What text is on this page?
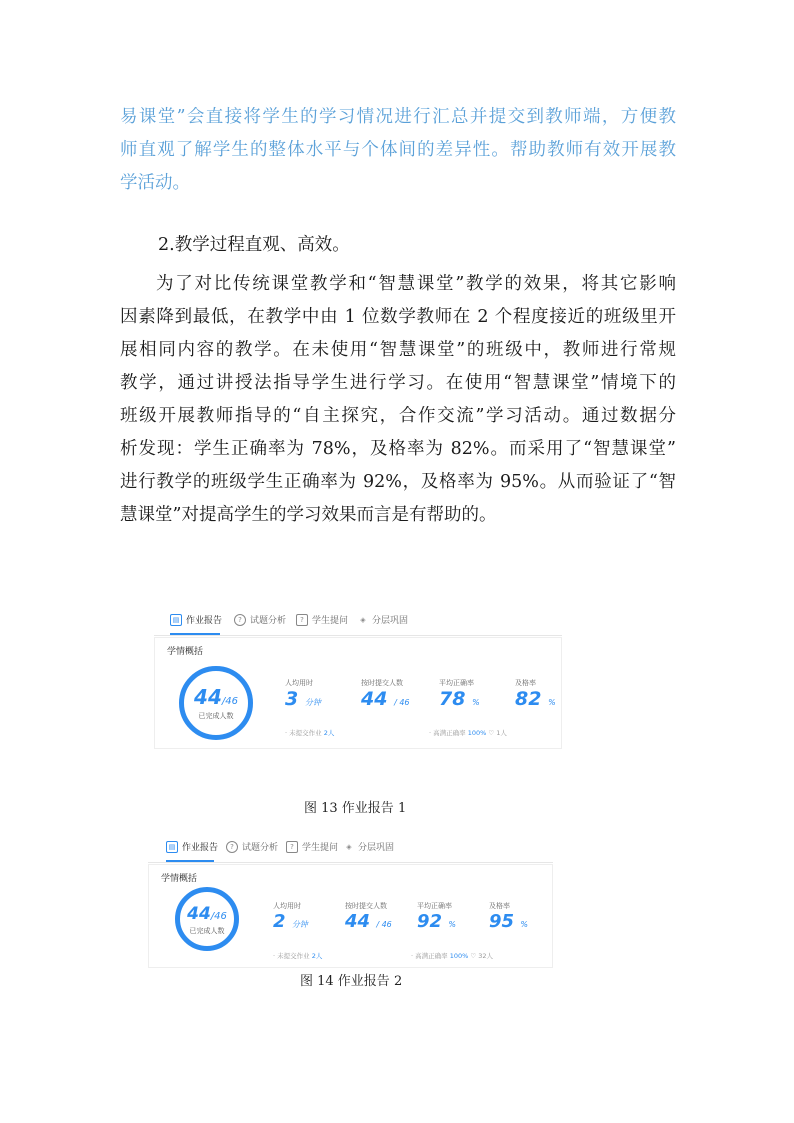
易课堂”会直接将学生的学习情况进行汇总并提交到教师端，方便教
师直观了解学生的整体水平与个体间的差异性。帮助教师有效开展教
学活动。
2.教学过程直观、高效。
为了对比传统课堂教学和“智慧课堂”教学的效果，将其它影响
因素降到最低，在教学中由 1 位数学教师在 2 个程度接近的班级里开
展相同内容的教学。在未使用“智慧课堂”的班级中，教师进行常规
教学，通过讲授法指导学生进行学习。在使用“智慧课堂”情境下的
班级开展教师指导的“自主探究，合作交流”学习活动。通过数据分
析发现：学生正确率为 78%，及格率为 82%。而采用了“智慧课堂”
进行教学的班级学生正确率为 92%，及格率为 95%。从而验证了“智
慧课堂”对提高学生的学习效果而言是有帮助的。
▤ 作业报告	? 试题分析	? 学生提问	◈ 分层巩固
学情概括
44/46
已完成人数
人均用时
3 分钟
按时提交人数
44 / 46
平均正确率
78 %
及格率
82 %
· 未提交作业 2人	· 高满正确率 100% ♡ 1人
图 13 作业报告 1
▤ 作业报告	? 试题分析	? 学生提问	◈ 分层巩固
学情概括
44/46
已完成人数
人均用时
2 分钟
按时提交人数
44 / 46
平均正确率
92 %
及格率
95 %
· 未提交作业 2人	· 高满正确率 100% ♡ 32人
图 14 作业报告 2
